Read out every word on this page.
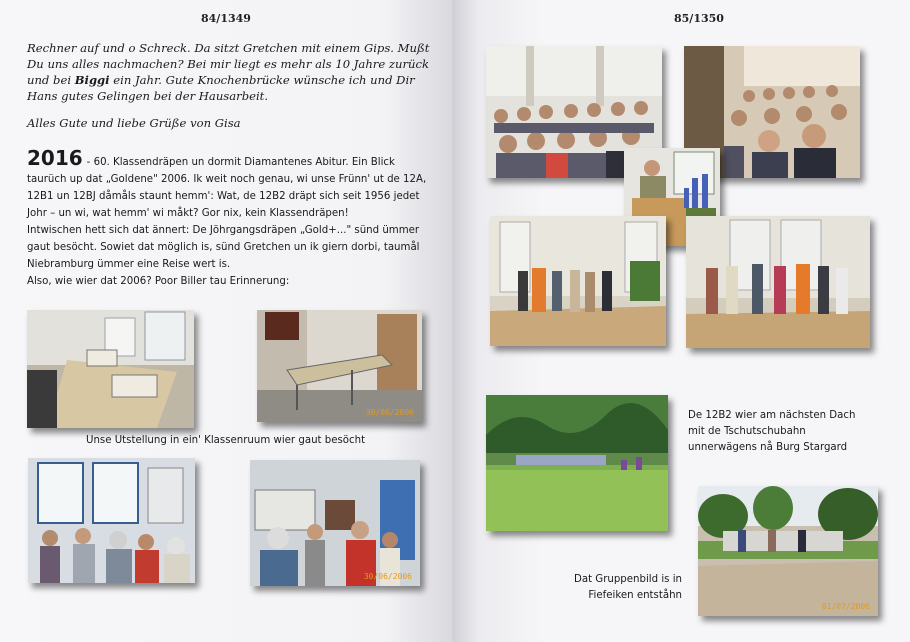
84/1349

Rechner auf und o Schreck. Da sitzt Gretchen mit einem Gips. Mußt Du uns alles nachmachen? Bei mir liegt es mehr als 10 Jahre zurück und bei Biggi ein Jahr. Gute Knochenbrücke wünsche ich und Dir Hans gutes Gelingen bei der Hausarbeit.

Alles Gute und liebe Grüße von Gisa

2016 - 60. Klassendräpen un dormit Diamantenes Abitur. Ein Blick taurüch up dat „Goldene" 2006. Ik weit noch genau, wi unse Frünn' ut de 12A, 12B1 un 12BJ dåmåls staunt hemm': Wat, de 12B2 dräpt sich seit 1956 jedet Johr – un wi, wat hemm' wi måkt? Gor nix, kein Klassendräpen!

Intwischen hett sich dat ännert: De Jöhrgangsdräpen „Gold+..." sünd ümmer gaut besöcht. Sowiet dat möglich is, sünd Gretchen un ik giern dorbi, taumål Niebramburg ümmer eine Reise wert is.

Also, wie wier dat 2006? Poor Biller tau Erinnerung:

30/06/2006
Unse Utstellung in ein' Klassenruum wier gaut besöcht
30/06/2006
85/1350
De 12B2 wier am nächsten Dach mit de Tschutschubahn unnerwägens nå Burg Stargard
01/07/2006
Dat Gruppenbild is in Fiefeiken entståhn
